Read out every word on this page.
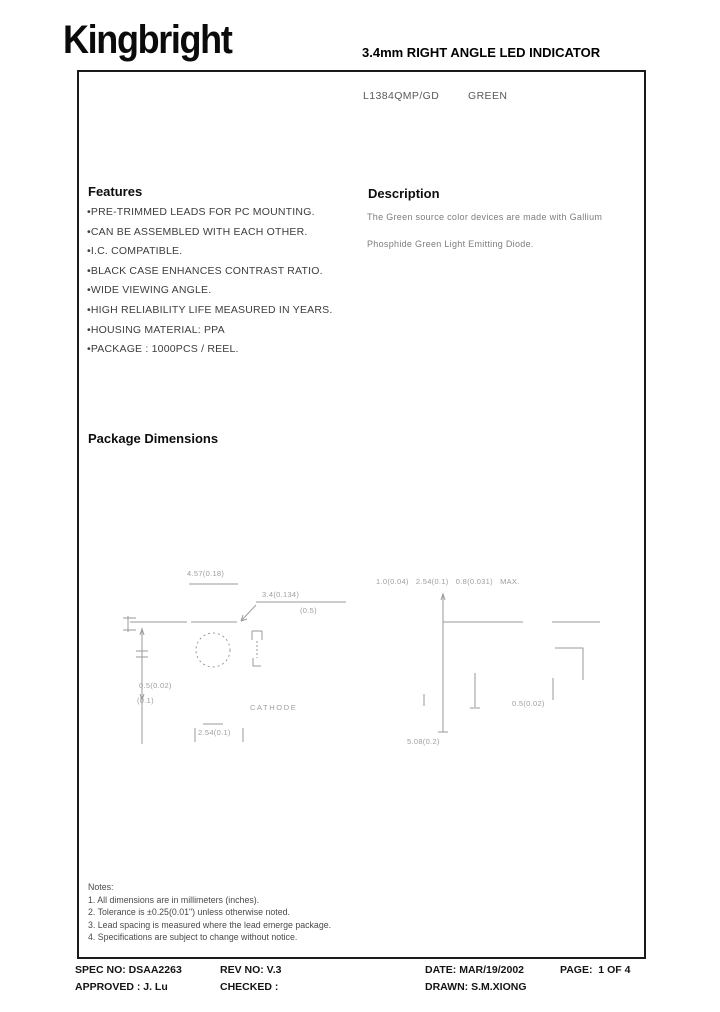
Kingbright	3.4mm RIGHT ANGLE LED INDICATOR
L1384QMP/GD	GREEN
Features
•PRE-TRIMMED LEADS FOR PC MOUNTING.
•CAN BE ASSEMBLED WITH EACH OTHER.
•I.C. COMPATIBLE.
•BLACK CASE ENHANCES CONTRAST RATIO.
•WIDE VIEWING ANGLE.
•HIGH RELIABILITY LIFE MEASURED IN YEARS.
•HOUSING MATERIAL: PPA
•PACKAGE : 1000PCS / REEL.
Description
The Green source color devices are made with Gallium
Phosphide Green Light Emitting Diode.
Package Dimensions
4.57(0.18)
3.4(0.134)
(0.5)
1.0(0.04)   2.54(0.1)   0.8(0.031)   MAX.
0.5(0.02)
(0.1)
CATHODE
2.54(0.1)
0.5(0.02)
5.08(0.2)
Notes:
1. All dimensions are in millimeters (inches).
2. Tolerance is ±0.25(0.01") unless otherwise noted.
3. Lead spacing is measured where the lead emerge package.
4. Specifications are subject to change without notice.
SPEC NO: DSAA2263	REV NO: V.3	DATE: MAR/19/2002	PAGE:  1 OF 4
APPROVED : J. Lu	CHECKED :	DRAWN: S.M.XIONG
